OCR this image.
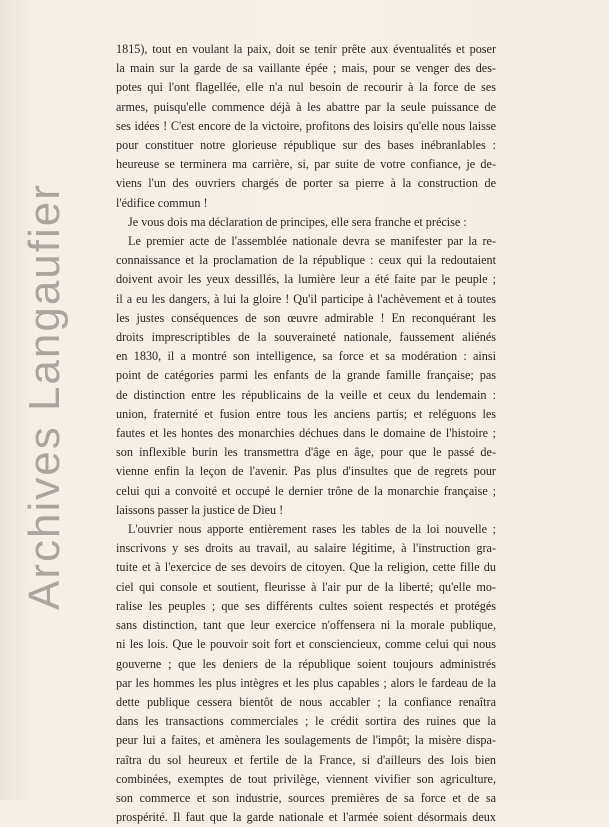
1815), tout en voulant la paix, doit se tenir prête aux éventualités et poser
la main sur la garde de sa vaillante épée ; mais, pour se venger des des-
potes qui l'ont flagellée, elle n'a nul besoin de recourir à la force de ses
armes, puisqu'elle commence déjà à les abattre par la seule puissance de
ses idées ! C'est encore de la victoire, profitons des loisirs qu'elle nous laisse
pour constituer notre glorieuse république sur des bases inébranlables :
heureuse se terminera ma carrière, si, par suite de votre confiance, je de-
viens l'un des ouvriers chargés de porter sa pierre à la construction de
l'édifice commun !
Je vous dois ma déclaration de principes, elle sera franche et précise :
Le premier acte de l'assemblée nationale devra se manifester par la re-
connaissance et la proclamation de la république : ceux qui la redoutaient
doivent avoir les yeux dessillés, la lumière leur a été faite par le peuple ;
il a eu les dangers, à lui la gloire ! Qu'il participe à l'achèvement et à toutes
les justes conséquences de son œuvre admirable ! En reconquérant les
droits imprescriptibles de la souveraineté nationale, faussement aliénés
en 1830, il a montré son intelligence, sa force et sa modération : ainsi
point de catégories parmi les enfants de la grande famille française; pas
de distinction entre les républicains de la veille et ceux du lendemain :
union, fraternité et fusion entre tous les anciens partis; et reléguons les
fautes et les hontes des monarchies déchues dans le domaine de l'histoire ;
son inflexible burin les transmettra d'âge en âge, pour que le passé de-
vienne enfin la leçon de l'avenir. Pas plus d'insultes que de regrets pour
celui qui a convoité et occupé le dernier trône de la monarchie française ;
laissons passer la justice de Dieu !
L'ouvrier nous apporte entièrement rases les tables de la loi nouvelle ;
inscrivons y ses droits au travail, au salaire légitime, à l'instruction gra-
tuite et à l'exercice de ses devoirs de citoyen. Que la religion, cette fille du
ciel qui console et soutient, fleurisse à l'air pur de la liberté; qu'elle mo-
ralise les peuples ; que ses différents cultes soient respectés et protégés
sans distinction, tant que leur exercice n'offensera ni la morale publique,
ni les lois. Que le pouvoir soit fort et consciencieux, comme celui qui nous
gouverne ; que les deniers de la république soient toujours administrés
par les hommes les plus intègres et les plus capables ; alors le fardeau de la
dette publique cessera bientôt de nous accabler ; la confiance renaîtra
dans les transactions commerciales ; le crédit sortira des ruines que la
peur lui a faites, et amènera les soulagements de l'impôt; la misère dispa-
raîtra du sol heureux et fertile de la France, si d'ailleurs des lois bien
combinées, exemptes de tout privilège, viennent vivifier son agriculture,
son commerce et son industrie, sources premières de sa force et de sa
prospérité. Il faut que la garde nationale et l'armée soient désormais deux
Archives Langaufier
